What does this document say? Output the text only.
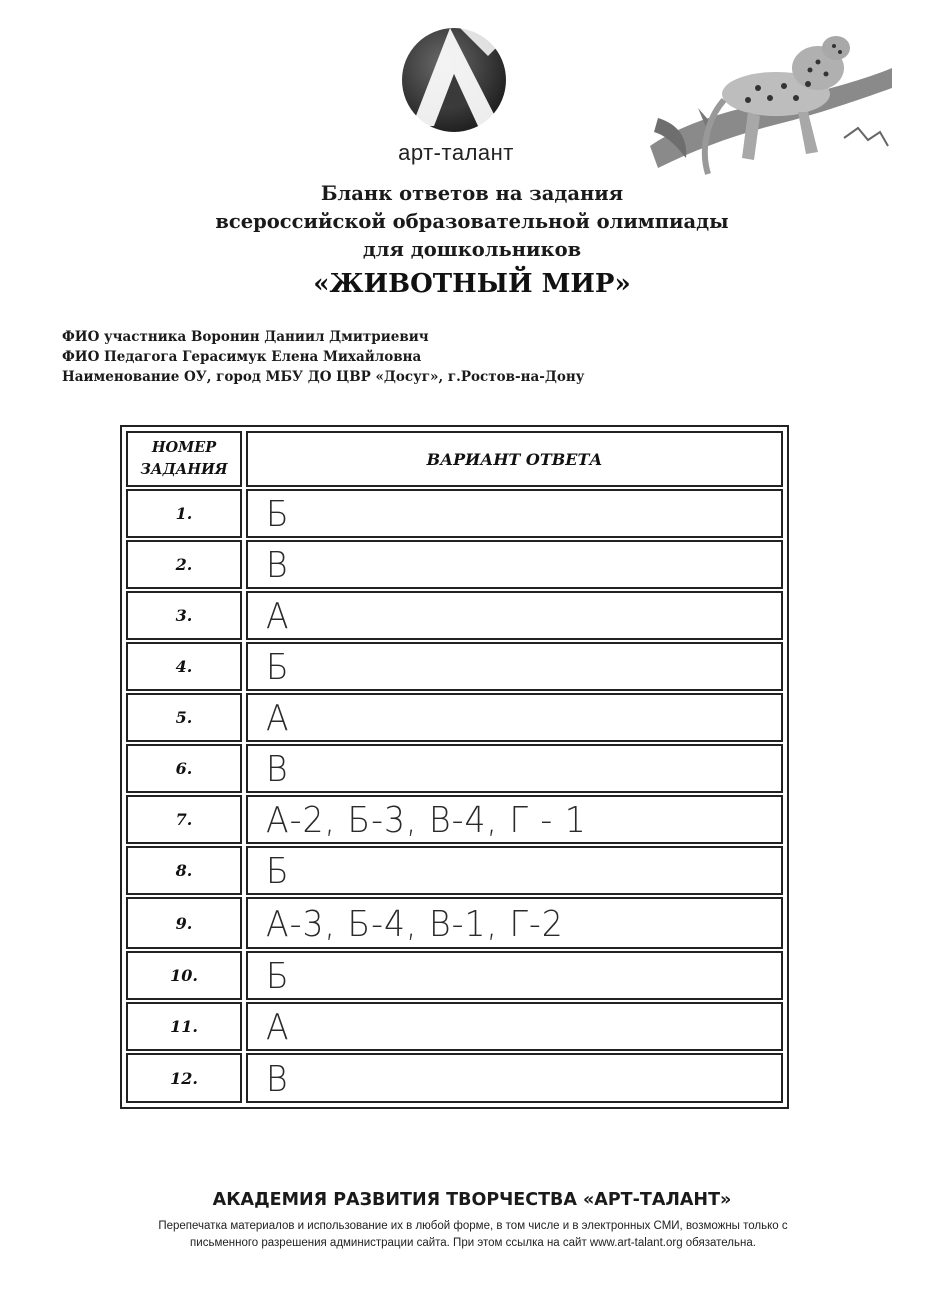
арт-талант
Бланк ответов на задания
всероссийской образовательной олимпиады
для дошкольников
«ЖИВОТНЫЙ МИР»
ФИО участника Воронин Даниил Дмитриевич
ФИО Педагога Герасимук Елена Михайловна
Наименование ОУ, город МБУ ДО ЦВР «Досуг», г.Ростов-на-Дону
НОМЕР
ЗАДАНИЯ
ВАРИАНТ ОТВЕТА
1.	Б
2.	В
3.	А
4.	Б
5.	А
6.	В
7.	А-2, Б-3, В-4, Г - 1
8.	Б
9.	А-3, Б-4, В-1, Г-2
10.	Б
11.	А
12.	В
АКАДЕМИЯ РАЗВИТИЯ ТВОРЧЕСТВА «АРТ-ТАЛАНТ»
Перепечатка материалов и использование их в любой форме, в том числе и в электронных СМИ, возможны только с
письменного разрешения администрации сайта. При этом ссылка на сайт www.art-talant.org обязательна.
